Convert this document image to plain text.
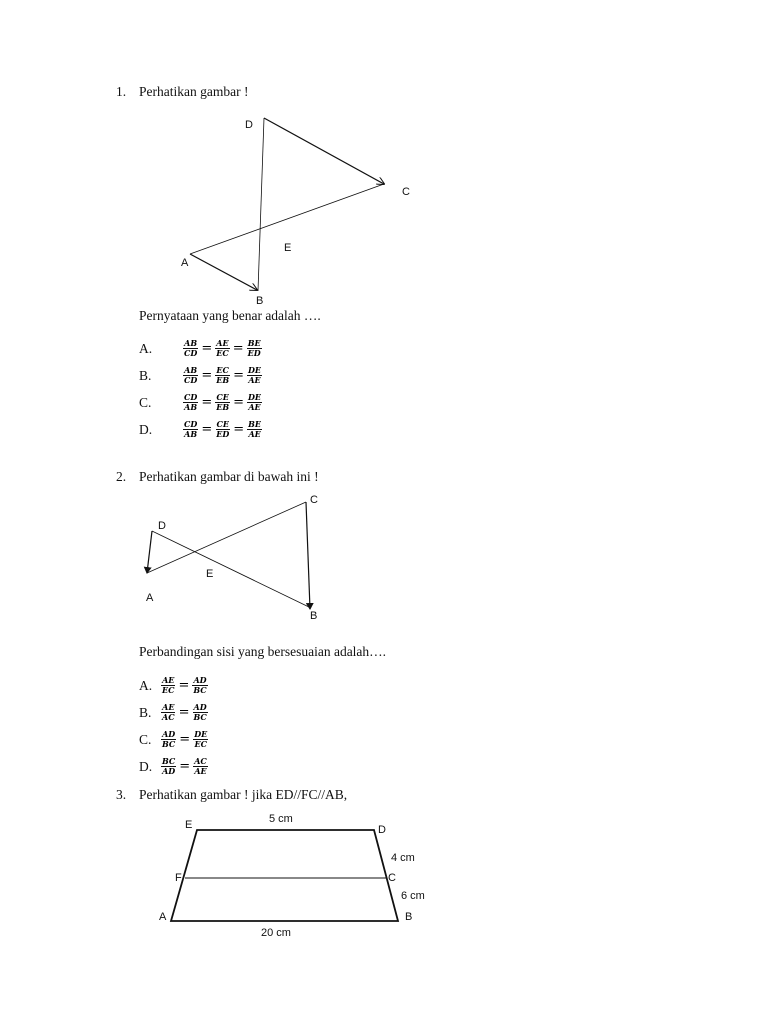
1. Perhatikan gambar !
D
C
E
A
B
Pernyataan yang benar adalah ….
A.	$\frac{AB}{CD} = \frac{AE}{EC} = \frac{BE}{ED}$
B.	$\frac{AB}{CD} = \frac{EC}{EB} = \frac{DE}{AE}$
C.	$\frac{CD}{AB} = \frac{CE}{EB} = \frac{DE}{AE}$
D.	$\frac{CD}{AB} = \frac{CE}{ED} = \frac{BE}{AE}$
2. Perhatikan gambar di bawah ini !
C
D
E
A
B
Perbandingan sisi yang bersesuaian adalah….
A.	$\frac{AE}{EC} = \frac{AD}{BC}$
B.	$\frac{AE}{AC} = \frac{AD}{BC}$
C.	$\frac{AD}{BC} = \frac{DE}{EC}$
D.	$\frac{BC}{AD} = \frac{AC}{AE}$
3. Perhatikan gambar ! jika ED//FC//AB,
E	D
F	C
A	B
5 cm
4 cm
6 cm
20 cm
